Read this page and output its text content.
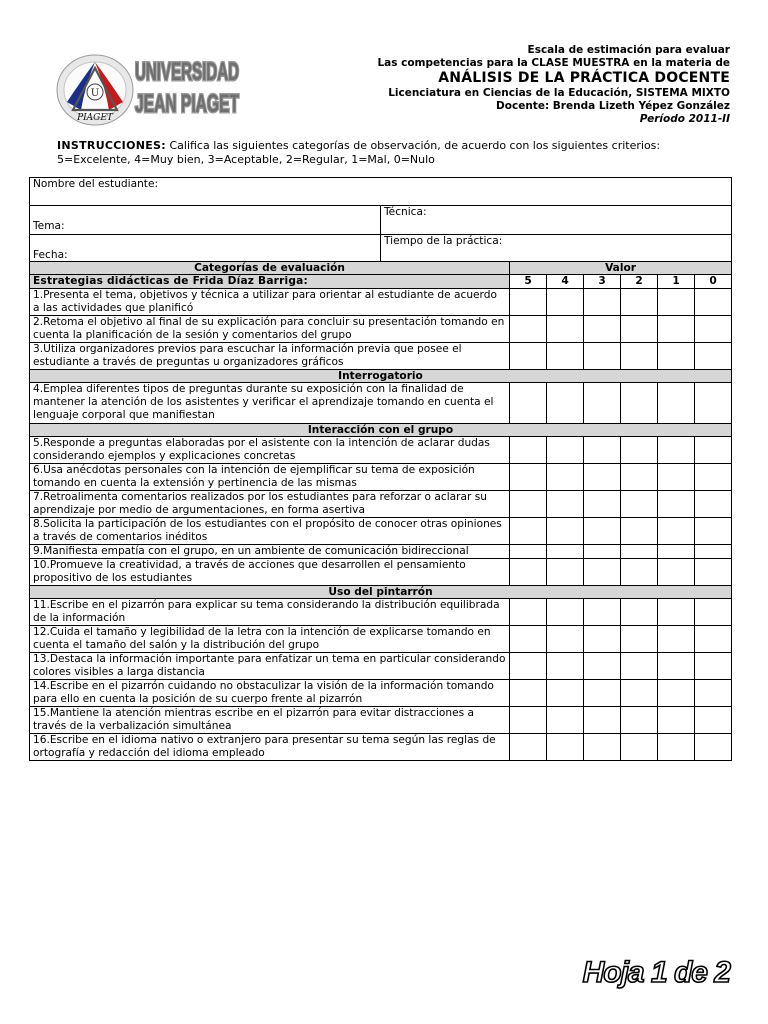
U
PIAGET
UNIVERSIDAD
UNIVERSIDAD
JEAN PIAGET
JEAN PIAGET
Escala de estimación para evaluar
Las competencias para la CLASE MUESTRA en la materia de
ANÁLISIS DE LA PRÁCTICA DOCENTE
Licenciatura en Ciencias de la Educación, SISTEMA MIXTO
Docente: Brenda Lizeth Yépez González
Período 2011-II
INSTRUCCIONES: Califica las siguientes categorías de observación, de acuerdo con los siguientes criterios:
5=Excelente, 4=Muy bien, 3=Aceptable, 2=Regular, 1=Mal, 0=Nulo
Nombre del estudiante:	
Tema:	Técnica:
Fecha:	Tiempo de la práctica:
Categorías de evaluación	Valor					
Estrategias didácticas de Frida Díaz Barriga:	5	4	3	2	1	0
1.Presenta el tema, objetivos y técnica a utilizar para orientar al estudiante de acuerdo a las actividades que planificó						
2.Retoma el objetivo al final de su explicación para concluir su presentación tomando en cuenta la planificación de la sesión y comentarios del grupo						
3.Utiliza organizadores previos para escuchar la información previa que posee el estudiante a través de preguntas u organizadores gráficos						
Interrogatorio						
4.Emplea diferentes tipos de preguntas durante su exposición con la finalidad de mantener la atención de los asistentes y verificar el aprendizaje tomando en cuenta el lenguaje corporal que manifiestan						
Interacción con el grupo						
5.Responde a preguntas elaboradas por el asistente con la intención de aclarar dudas considerando ejemplos y explicaciones concretas						
6.Usa anécdotas personales con la intención de ejemplificar su tema de exposición tomando en cuenta la extensión y pertinencia de las mismas						
7.Retroalimenta comentarios realizados por los estudiantes para reforzar o aclarar su aprendizaje por medio de argumentaciones, en forma asertiva						
8.Solicita la participación de los estudiantes con el propósito de conocer otras opiniones a través de comentarios inéditos						
9.Manifiesta empatía con el grupo, en un ambiente de comunicación bidireccional						
10.Promueve la creatividad, a través de acciones que desarrollen el pensamiento propositivo de los estudiantes						
Uso del pintarrón						
11.Escribe en el pizarrón para explicar su tema considerando la distribución equilibrada de la información						
12.Cuida el tamaño y legibilidad de la letra con la intención de explicarse tomando en cuenta el tamaño del salón y la distribución del grupo						
13.Destaca la información importante para enfatizar un tema en particular considerando colores visibles a larga distancia						
14.Escribe en el pizarrón cuidando no obstaculizar la visión de la información tomando para ello en cuenta la posición de su cuerpo frente al pizarrón						
15.Mantiene la atención mientras escribe en el pizarrón para evitar distracciones a través de la verbalización simultánea						
16.Escribe en el idioma nativo o extranjero para presentar su tema según las reglas de ortografía y redacción del idioma empleado						
Hoja 1 de 2
